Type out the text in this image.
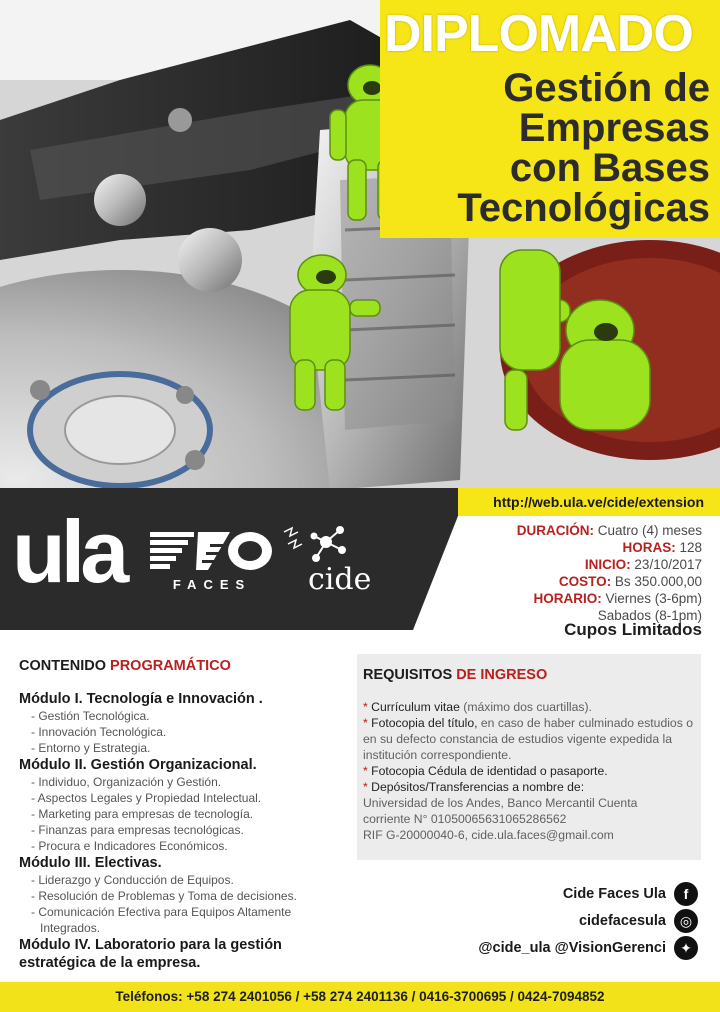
DIPLOMADO
Gestión de
Empresas
con Bases
Tecnológicas
http://web.ula.ve/cide/extension
ula	FACES	cide
DURACIÓN: Cuatro (4) meses
HORAS: 128
INICIO: 23/10/2017
COSTO: Bs 350.000,00
HORARIO: Viernes (3-6pm)
Sabados (8-1pm)
Cupos Limitados
CONTENIDO PROGRAMÁTICO
Módulo I. Tecnología e Innovación .
- Gestión Tecnológica.
- Innovación Tecnológica.
- Entorno y Estrategia.
Módulo II. Gestión Organizacional.
- Individuo, Organización y Gestión.
- Aspectos Legales y Propiedad Intelectual.
- Marketing para empresas de tecnología.
- Finanzas para empresas tecnológicas.
- Procura e Indicadores Económicos.
Módulo III. Electivas.
- Liderazgo y Conducción de Equipos.
- Resolución de Problemas y Toma de decisiones.
- Comunicación Efectiva para Equipos Altamente
Integrados.
Módulo IV. Laboratorio para la gestión
estratégica de la empresa.
REQUISITOS DE INGRESO
* Currículum vitae (máximo dos cuartillas).
* Fotocopia del título, en caso de haber culminado estudios o en su defecto constancia de estudios vigente expedida la institución correspondiente.
* Fotocopia Cédula de identidad o pasaporte.
* Depósitos/Transferencias a nombre de:
Universidad de los Andes, Banco Mercantil Cuenta
corriente N° 01050065631065286562
RIF G-20000040-6, cide.ula.faces@gmail.com
Cide Faces Ula f
cidefacesula ◎
@cide_ula @VisionGerenci ✦
Teléfonos: +58 274 2401056 / +58 274 2401136 / 0416-3700695 / 0424-7094852
